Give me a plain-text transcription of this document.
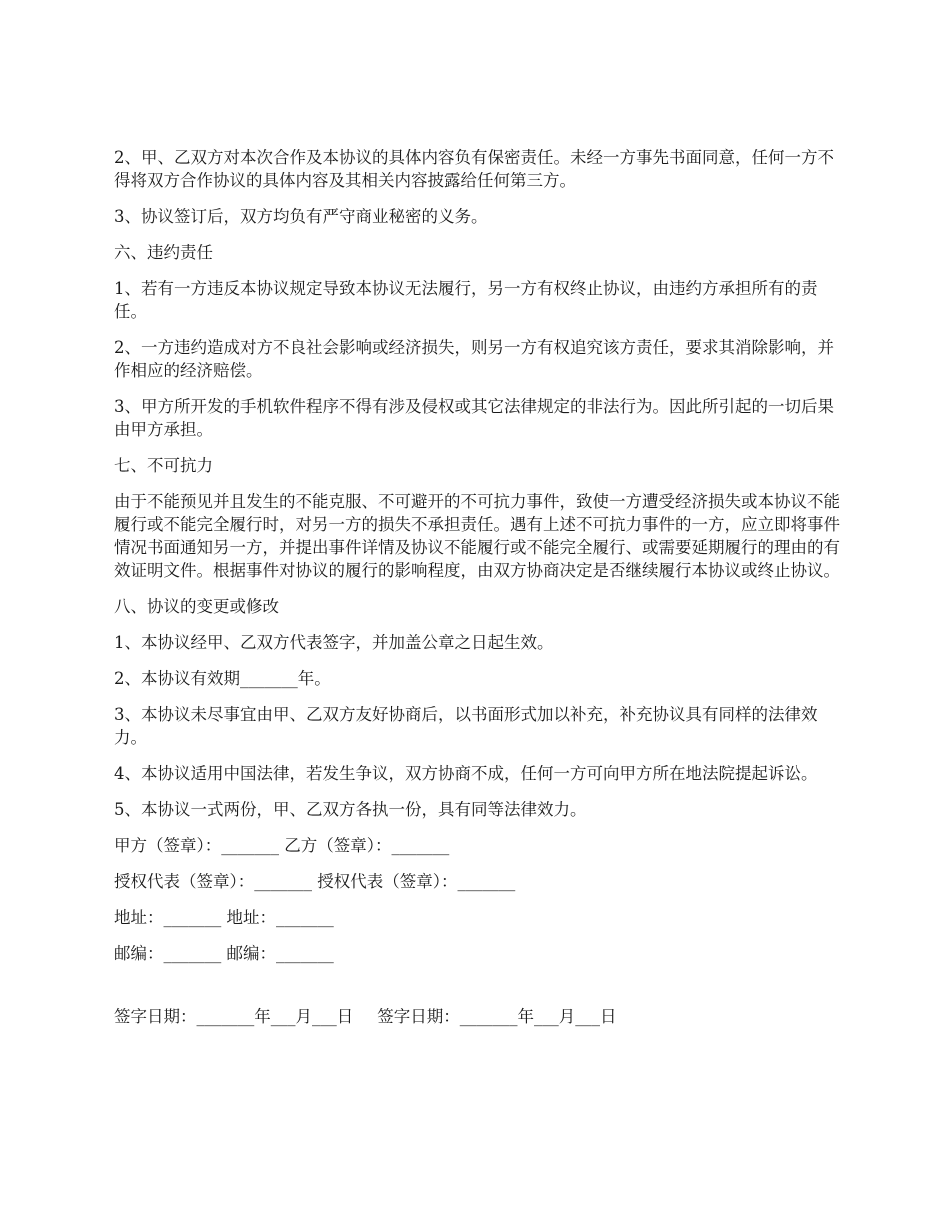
2、甲、乙双方对本次合作及本协议的具体内容负有保密责任。未经一方事先书面同意，任何一方不得将双方合作协议的具体内容及其相关内容披露给任何第三方。

3、协议签订后，双方均负有严守商业秘密的义务。

六、违约责任

1、若有一方违反本协议规定导致本协议无法履行，另一方有权终止协议，由违约方承担所有的责任。

2、一方违约造成对方不良社会影响或经济损失，则另一方有权追究该方责任，要求其消除影响，并作相应的经济赔偿。

3、甲方所开发的手机软件程序不得有涉及侵权或其它法律规定的非法行为。因此所引起的一切后果由甲方承担。

七、不可抗力

由于不能预见并且发生的不能克服、不可避开的不可抗力事件，致使一方遭受经济损失或本协议不能履行或不能完全履行时，对另一方的损失不承担责任。遇有上述不可抗力事件的一方，应立即将事件情况书面通知另一方，并提出事件详情及协议不能履行或不能完全履行、或需要延期履行的理由的有效证明文件。根据事件对协议的履行的影响程度，由双方协商决定是否继续履行本协议或终止协议。

八、协议的变更或修改

1、本协议经甲、乙双方代表签字，并加盖公章之日起生效。

2、本协议有效期_______年。

3、本协议未尽事宜由甲、乙双方友好协商后，以书面形式加以补充，补充协议具有同样的法律效力。

4、本协议适用中国法律，若发生争议，双方协商不成，任何一方可向甲方所在地法院提起诉讼。

5、本协议一式两份，甲、乙双方各执一份，具有同等法律效力。

甲方（签章）：_______ 乙方（签章）：_______
授权代表（签章）：_______ 授权代表（签章）：_______
地址：_______ 地址：_______
邮编：_______ 邮编：_______
签字日期：_______年___月___日 签字日期：_______年___月___日
